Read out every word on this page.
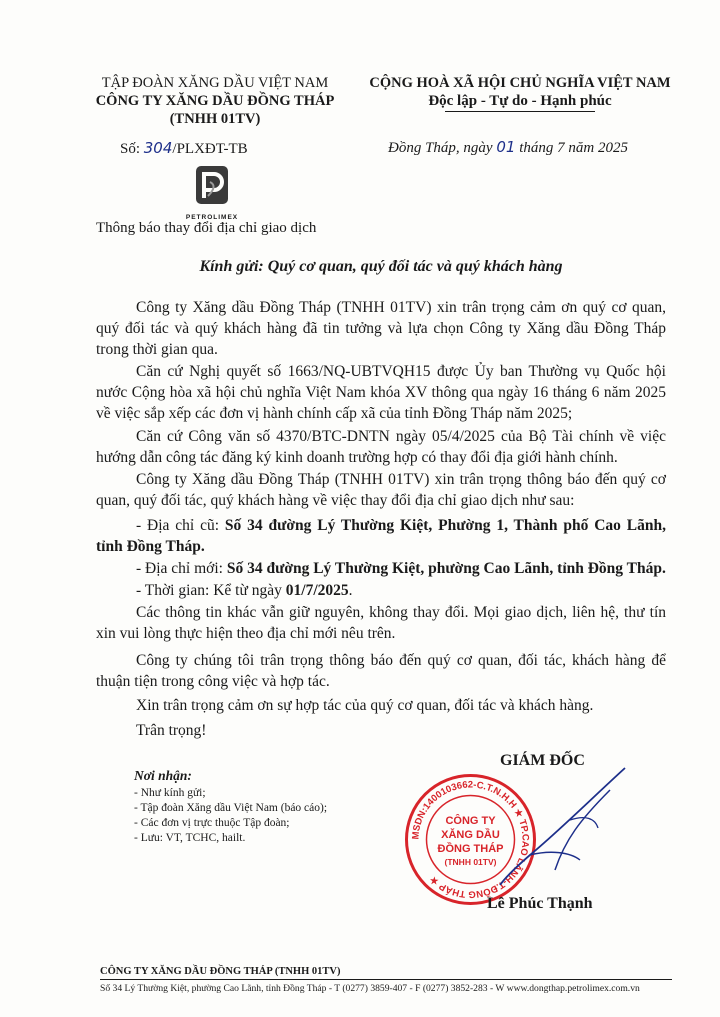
TẬP ĐOÀN XĂNG DẦU VIỆT NAM
CÔNG TY XĂNG DẦU ĐỒNG THÁP
(TNHH 01TV)
Số: 304/PLXĐT-TB
PETROLIMEX
Thông báo thay đổi địa chỉ giao dịch
CỘNG HOÀ XÃ HỘI CHỦ NGHĨA VIỆT NAM
Độc lập - Tự do - Hạnh phúc
Đồng Tháp, ngày 01 tháng 7 năm 2025
Kính gửi: Quý cơ quan, quý đối tác và quý khách hàng
Công ty Xăng dầu Đồng Tháp (TNHH 01TV) xin trân trọng cảm ơn quý cơ quan, quý đối tác và quý khách hàng đã tin tưởng và lựa chọn Công ty Xăng dầu Đồng Tháp trong thời gian qua.
Căn cứ Nghị quyết số 1663/NQ-UBTVQH15 được Ủy ban Thường vụ Quốc hội nước Cộng hòa xã hội chủ nghĩa Việt Nam khóa XV thông qua ngày 16 tháng 6 năm 2025 về việc sắp xếp các đơn vị hành chính cấp xã của tỉnh Đồng Tháp năm 2025;
Căn cứ Công văn số 4370/BTC-DNTN ngày 05/4/2025 của Bộ Tài chính về việc hướng dẫn công tác đăng ký kinh doanh trường hợp có thay đổi địa giới hành chính.
Công ty Xăng dầu Đồng Tháp (TNHH 01TV) xin trân trọng thông báo đến quý cơ quan, quý đối tác, quý khách hàng về việc thay đổi địa chỉ giao dịch như sau:
- Địa chỉ cũ: Số 34 đường Lý Thường Kiệt, Phường 1, Thành phố Cao Lãnh, tỉnh Đồng Tháp.
- Địa chỉ mới: Số 34 đường Lý Thường Kiệt, phường Cao Lãnh, tỉnh Đồng Tháp.
- Thời gian: Kể từ ngày 01/7/2025.
Các thông tin khác vẫn giữ nguyên, không thay đổi. Mọi giao dịch, liên hệ, thư tín xin vui lòng thực hiện theo địa chỉ mới nêu trên.
Công ty chúng tôi trân trọng thông báo đến quý cơ quan, đối tác, khách hàng để thuận tiện trong công việc và hợp tác.
Xin trân trọng cảm ơn sự hợp tác của quý cơ quan, đối tác và khách hàng.
Trân trọng!
Nơi nhận:
- Như kính gửi;
- Tập đoàn Xăng dầu Việt Nam (báo cáo);
- Các đơn vị trực thuộc Tập đoàn;
- Lưu: VT, TCHC, hailt.
GIÁM ĐỐC
MSDN:1400103662-C.T.N.H.H ★ TP.CAO LÃNH-T.ĐỒNG THÁP ★
CÔNG TY
XĂNG DẦU
ĐỒNG THÁP
(TNHH 01TV)
Lê Phúc Thạnh
CÔNG TY XĂNG DẦU ĐỒNG THÁP (TNHH 01TV)
Số 34 Lý Thường Kiệt, phường Cao Lãnh, tỉnh Đồng Tháp - T (0277) 3859-407 - F (0277) 3852-283 - W www.dongthap.petrolimex.com.vn
